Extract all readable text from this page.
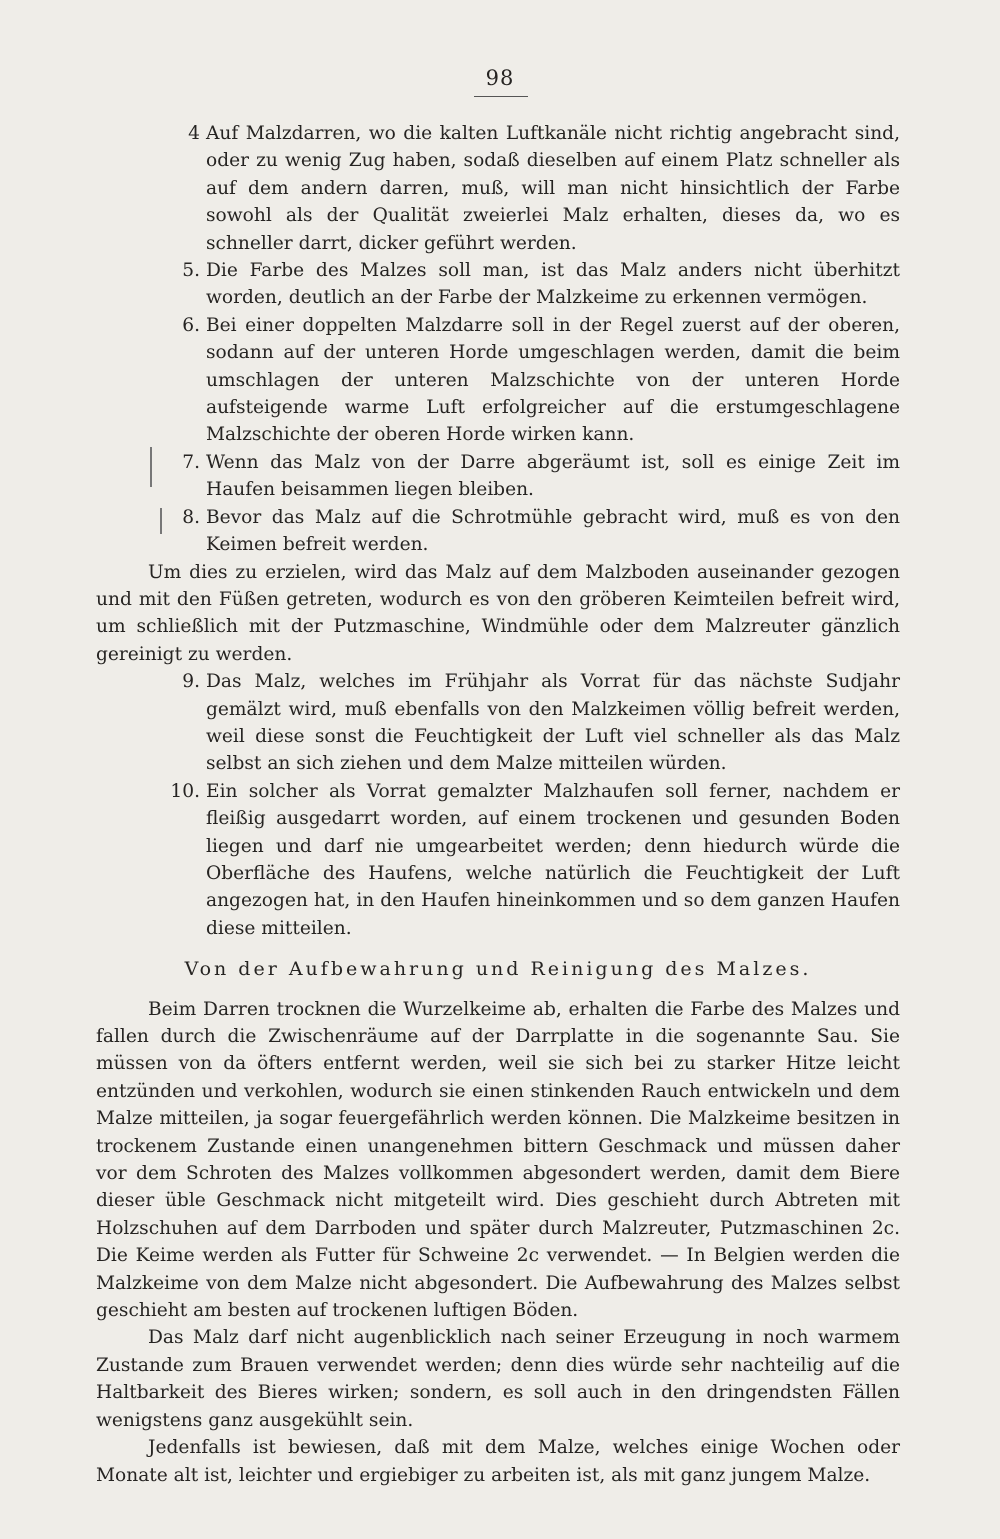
98
4 Auf Malzdarren, wo die kalten Luftkanäle nicht richtig angebracht sind, oder zu wenig Zug haben, sodaß dieselben auf einem Platz schneller als auf dem andern darren, muß, will man nicht hinsichtlich der Farbe sowohl als der Qualität zweierlei Malz erhalten, dieses da, wo es schneller darrt, dicker geführt werden.
5. Die Farbe des Malzes soll man, ist das Malz anders nicht überhitzt worden, deutlich an der Farbe der Malzkeime zu erkennen vermögen.
6. Bei einer doppelten Malzdarre soll in der Regel zuerst auf der oberen, sodann auf der unteren Horde umgeschlagen werden, damit die beim umschlagen der unteren Malzschichte von der unteren Horde aufsteigende warme Luft erfolgreicher auf die erstumgeschlagene Malzschichte der oberen Horde wirken kann.
7. Wenn das Malz von der Darre abgeräumt ist, soll es einige Zeit im Haufen beisammen liegen bleiben.
8. Bevor das Malz auf die Schrotmühle gebracht wird, muß es von den Keimen befreit werden.
Um dies zu erzielen, wird das Malz auf dem Malzboden auseinander gezogen und mit den Füßen getreten, wodurch es von den gröberen Keimteilen befreit wird, um schließlich mit der Putzmaschine, Windmühle oder dem Malzreuter gänzlich gereinigt zu werden.
9. Das Malz, welches im Frühjahr als Vorrat für das nächste Sudjahr gemälzt wird, muß ebenfalls von den Malzkeimen völlig befreit werden, weil diese sonst die Feuchtigkeit der Luft viel schneller als das Malz selbst an sich ziehen und dem Malze mitteilen würden.
10. Ein solcher als Vorrat gemalzter Malzhaufen soll ferner, nachdem er fleißig ausgedarrt worden, auf einem trockenen und gesunden Boden liegen und darf nie umgearbeitet werden; denn hiedurch würde die Oberfläche des Haufens, welche natürlich die Feuchtigkeit der Luft angezogen hat, in den Haufen hineinkommen und so dem ganzen Haufen diese mitteilen.
Von der Aufbewahrung und Reinigung des Malzes.
Beim Darren trocknen die Wurzelkeime ab, erhalten die Farbe des Malzes und fallen durch die Zwischenräume auf der Darrplatte in die sogenannte Sau. Sie müssen von da öfters entfernt werden, weil sie sich bei zu starker Hitze leicht entzünden und verkohlen, wodurch sie einen stinkenden Rauch entwickeln und dem Malze mitteilen, ja sogar feuergefährlich werden können. Die Malzkeime besitzen in trockenem Zustande einen unangenehmen bittern Geschmack und müssen daher vor dem Schroten des Malzes vollkommen abgesondert werden, damit dem Biere dieser üble Geschmack nicht mitgeteilt wird. Dies geschieht durch Abtreten mit Holzschuhen auf dem Darrboden und später durch Malzreuter, Putzmaschinen 2c. Die Keime werden als Futter für Schweine 2c verwendet. — In Belgien werden die Malzkeime von dem Malze nicht abgesondert. Die Aufbewahrung des Malzes selbst geschieht am besten auf trockenen luftigen Böden.
Das Malz darf nicht augenblicklich nach seiner Erzeugung in noch warmem Zustande zum Brauen verwendet werden; denn dies würde sehr nachteilig auf die Haltbarkeit des Bieres wirken; sondern, es soll auch in den dringendsten Fällen wenigstens ganz ausgekühlt sein.
Jedenfalls ist bewiesen, daß mit dem Malze, welches einige Wochen oder Monate alt ist, leichter und ergiebiger zu arbeiten ist, als mit ganz jungem Malze.
